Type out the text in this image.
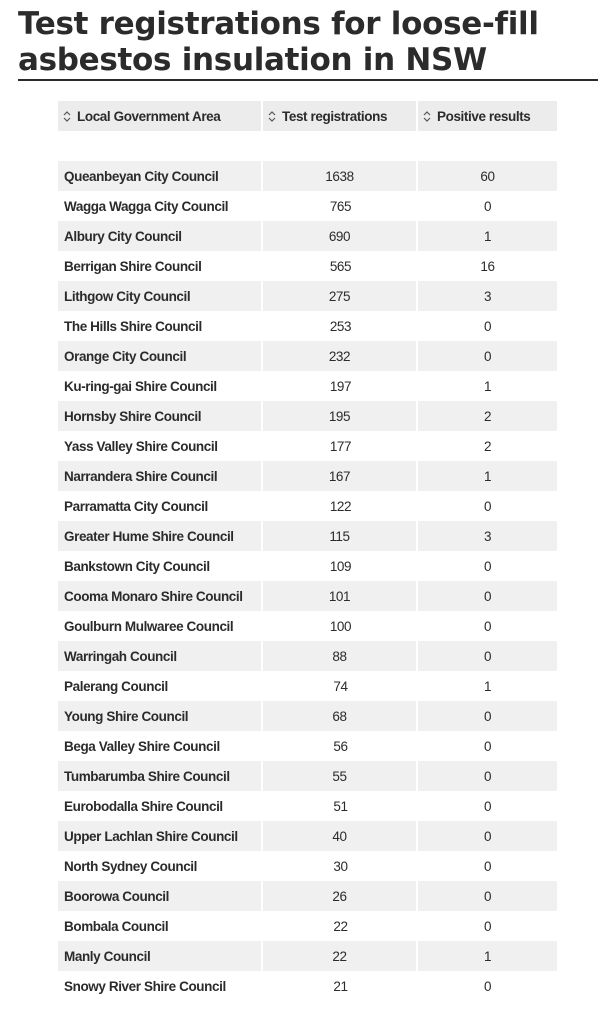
Test registrations for loose-fill asbestos insulation in NSW
Local Government Area	Test registrations	Positive results

Queanbeyan City Council	1638	60
Wagga Wagga City Council	765	0
Albury City Council	690	1
Berrigan Shire Council	565	16
Lithgow City Council	275	3
The Hills Shire Council	253	0
Orange City Council	232	0
Ku-ring-gai Shire Council	197	1
Hornsby Shire Council	195	2
Yass Valley Shire Council	177	2
Narrandera Shire Council	167	1
Parramatta City Council	122	0
Greater Hume Shire Council	115	3
Bankstown City Council	109	0
Cooma Monaro Shire Council	101	0
Goulburn Mulwaree Council	100	0
Warringah Council	88	0
Palerang Council	74	1
Young Shire Council	68	0
Bega Valley Shire Council	56	0
Tumbarumba Shire Council	55	0
Eurobodalla Shire Council	51	0
Upper Lachlan Shire Council	40	0
North Sydney Council	30	0
Boorowa Council	26	0
Bombala Council	22	0
Manly Council	22	1
Snowy River Shire Council	21	0
